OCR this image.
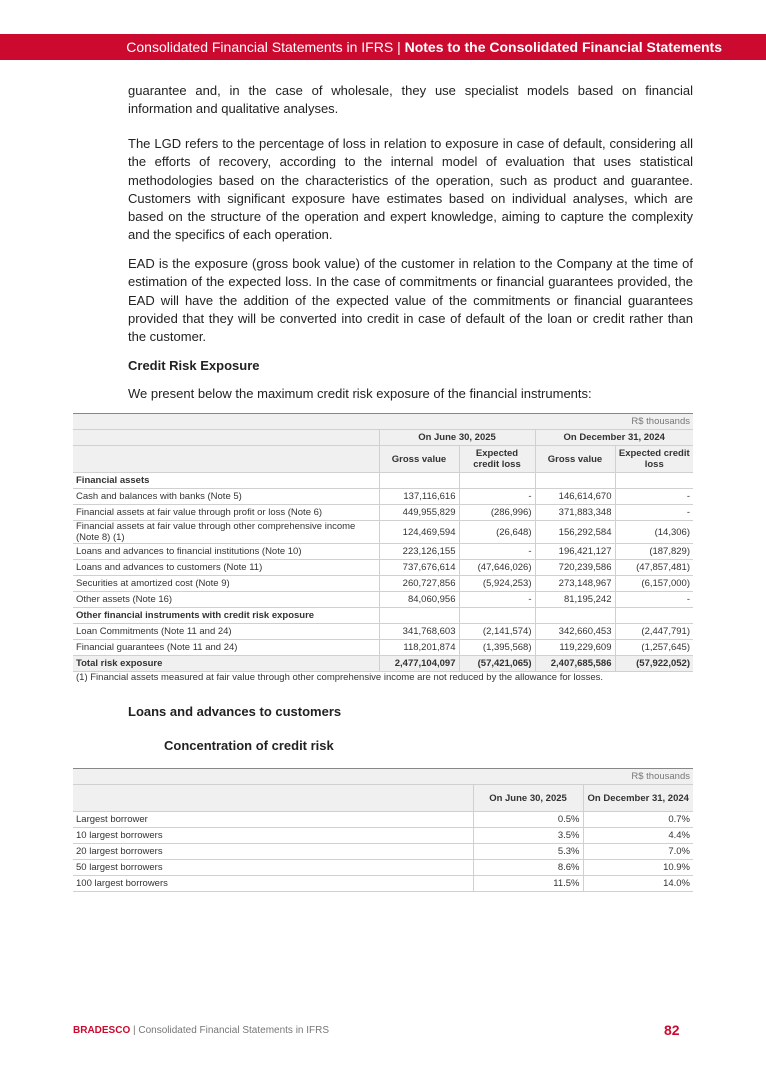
Consolidated Financial Statements in IFRS | Notes to the Consolidated Financial Statements

guarantee and, in the case of wholesale, they use specialist models based on financial information and qualitative analyses.

The LGD refers to the percentage of loss in relation to exposure in case of default, considering all the efforts of recovery, according to the internal model of evaluation that uses statistical methodologies based on the characteristics of the operation, such as product and guarantee. Customers with significant exposure have estimates based on individual analyses, which are based on the structure of the operation and expert knowledge, aiming to capture the complexity and the specifics of each operation.

EAD is the exposure (gross book value) of the customer in relation to the Company at the time of estimation of the expected loss. In the case of commitments or financial guarantees provided, the EAD will have the addition of the expected value of the commitments or financial guarantees provided that they will be converted into credit in case of default of the loan or credit rather than the customer.

Credit Risk Exposure
We present below the maximum credit risk exposure of the financial instruments:
	R$ thousands			
	On June 30, 2025		On December 31, 2024	
	Gross value	Expected credit loss	Gross value	Expected credit loss
Financial assets				
Cash and balances with banks (Note 5)	137,116,616	-	146,614,670	-
Financial assets at fair value through profit or loss (Note 6)	449,955,829	(286,996)	371,883,348	-
Financial assets at fair value through other comprehensive income (Note 8) (1)	124,469,594	(26,648)	156,292,584	(14,306)
Loans and advances to financial institutions (Note 10)	223,126,155	-	196,421,127	(187,829)
Loans and advances to customers (Note 11)	737,676,614	(47,646,026)	720,239,586	(47,857,481)
Securities at amortized cost (Note 9)	260,727,856	(5,924,253)	273,148,967	(6,157,000)
Other assets (Note 16)	84,060,956	-	81,195,242	-
Other financial instruments with credit risk exposure				
Loan Commitments (Note 11 and 24)	341,768,603	(2,141,574)	342,660,453	(2,447,791)
Financial guarantees (Note 11 and 24)	118,201,874	(1,395,568)	119,229,609	(1,257,645)
Total risk exposure	2,477,104,097	(57,421,065)	2,407,685,586	(57,922,052)
(1) Financial assets measured at fair value through other comprehensive income are not reduced by the allowance for losses.
Loans and advances to customers
Concentration of credit risk
	R$ thousands	
	On June 30, 2025	On December 31, 2024
Largest borrower	0.5%	0.7%
10 largest borrowers	3.5%	4.4%
20 largest borrowers	5.3%	7.0%
50 largest borrowers	8.6%	10.9%
100 largest borrowers	11.5%	14.0%
BRADESCO | Consolidated Financial Statements in IFRS	82
